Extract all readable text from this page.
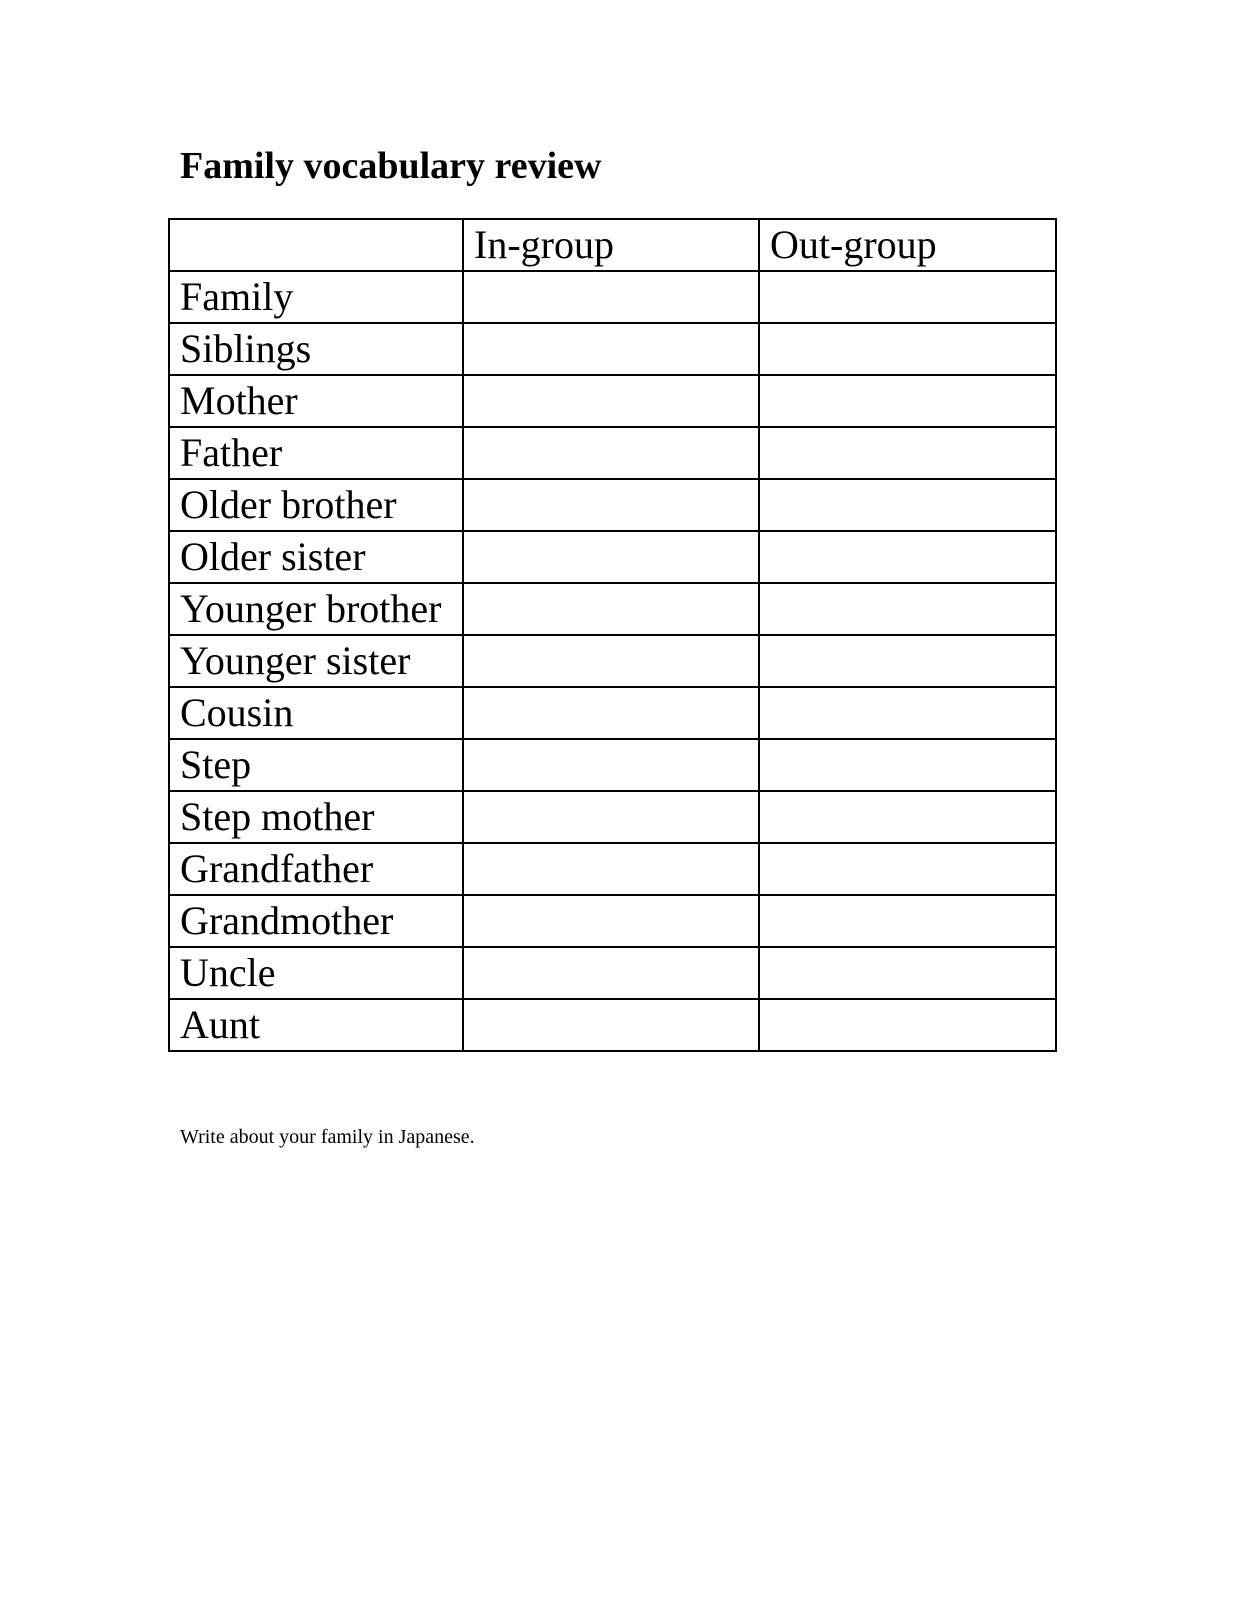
Family vocabulary review
	In-group	Out-group
Family		
Siblings		
Mother		
Father		
Older brother		
Older sister		
Younger brother		
Younger sister		
Cousin		
Step		
Step mother		
Grandfather		
Grandmother		
Uncle		
Aunt		
Write about your family in Japanese.
